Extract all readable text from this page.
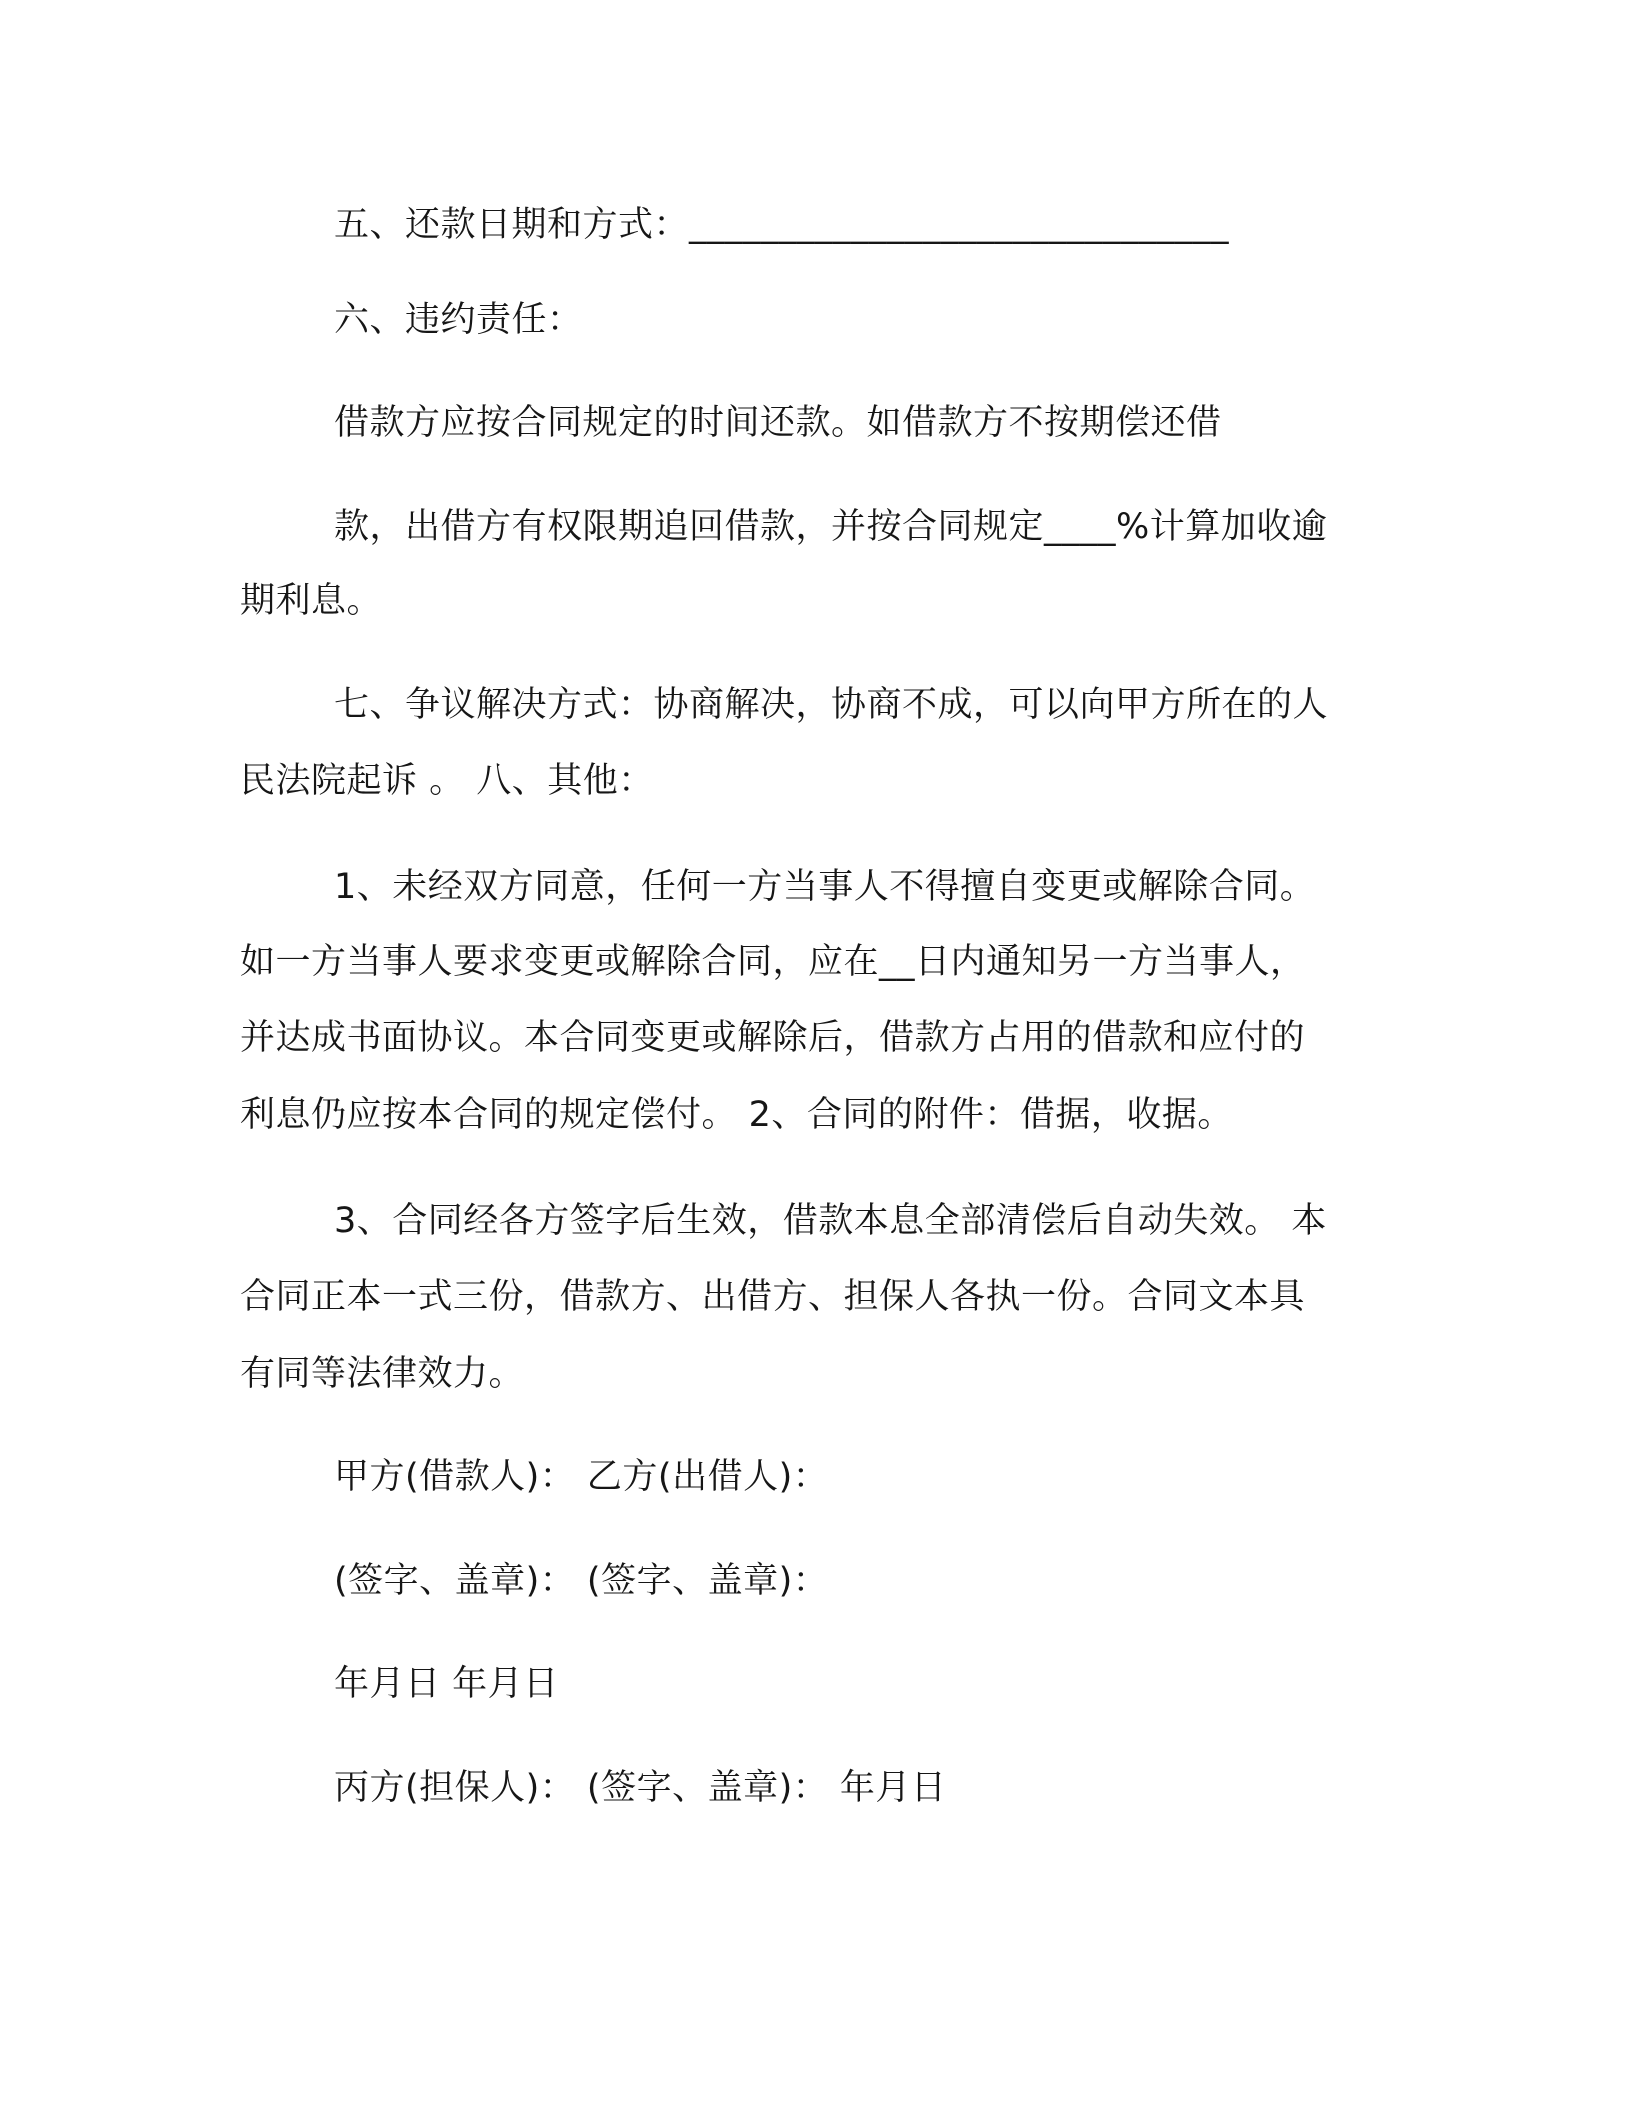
五、还款日期和方式：______________________________
六、违约责任：
借款方应按合同规定的时间还款。如借款方不按期偿还借
款，出借方有权限期追回借款，并按合同规定____%计算加收逾
期利息。
七、争议解决方式：协商解决，协商不成，可以向甲方所在的人
民法院起诉 。 八、其他：
1、未经双方同意，任何一方当事人不得擅自变更或解除合同。
如一方当事人要求变更或解除合同，应在__日内通知另一方当事人，
并达成书面协议。本合同变更或解除后，借款方占用的借款和应付的
利息仍应按本合同的规定偿付。 2、合同的附件：借据，收据。
3、合同经各方签字后生效，借款本息全部清偿后自动失效。 本
合同正本一式三份，借款方、出借方、担保人各执一份。合同文本具
有同等法律效力。
甲方(借款人)： 乙方(出借人)：
(签字、盖章)： (签字、盖章)：
年月日 年月日
丙方(担保人)： (签字、盖章)： 年月日
